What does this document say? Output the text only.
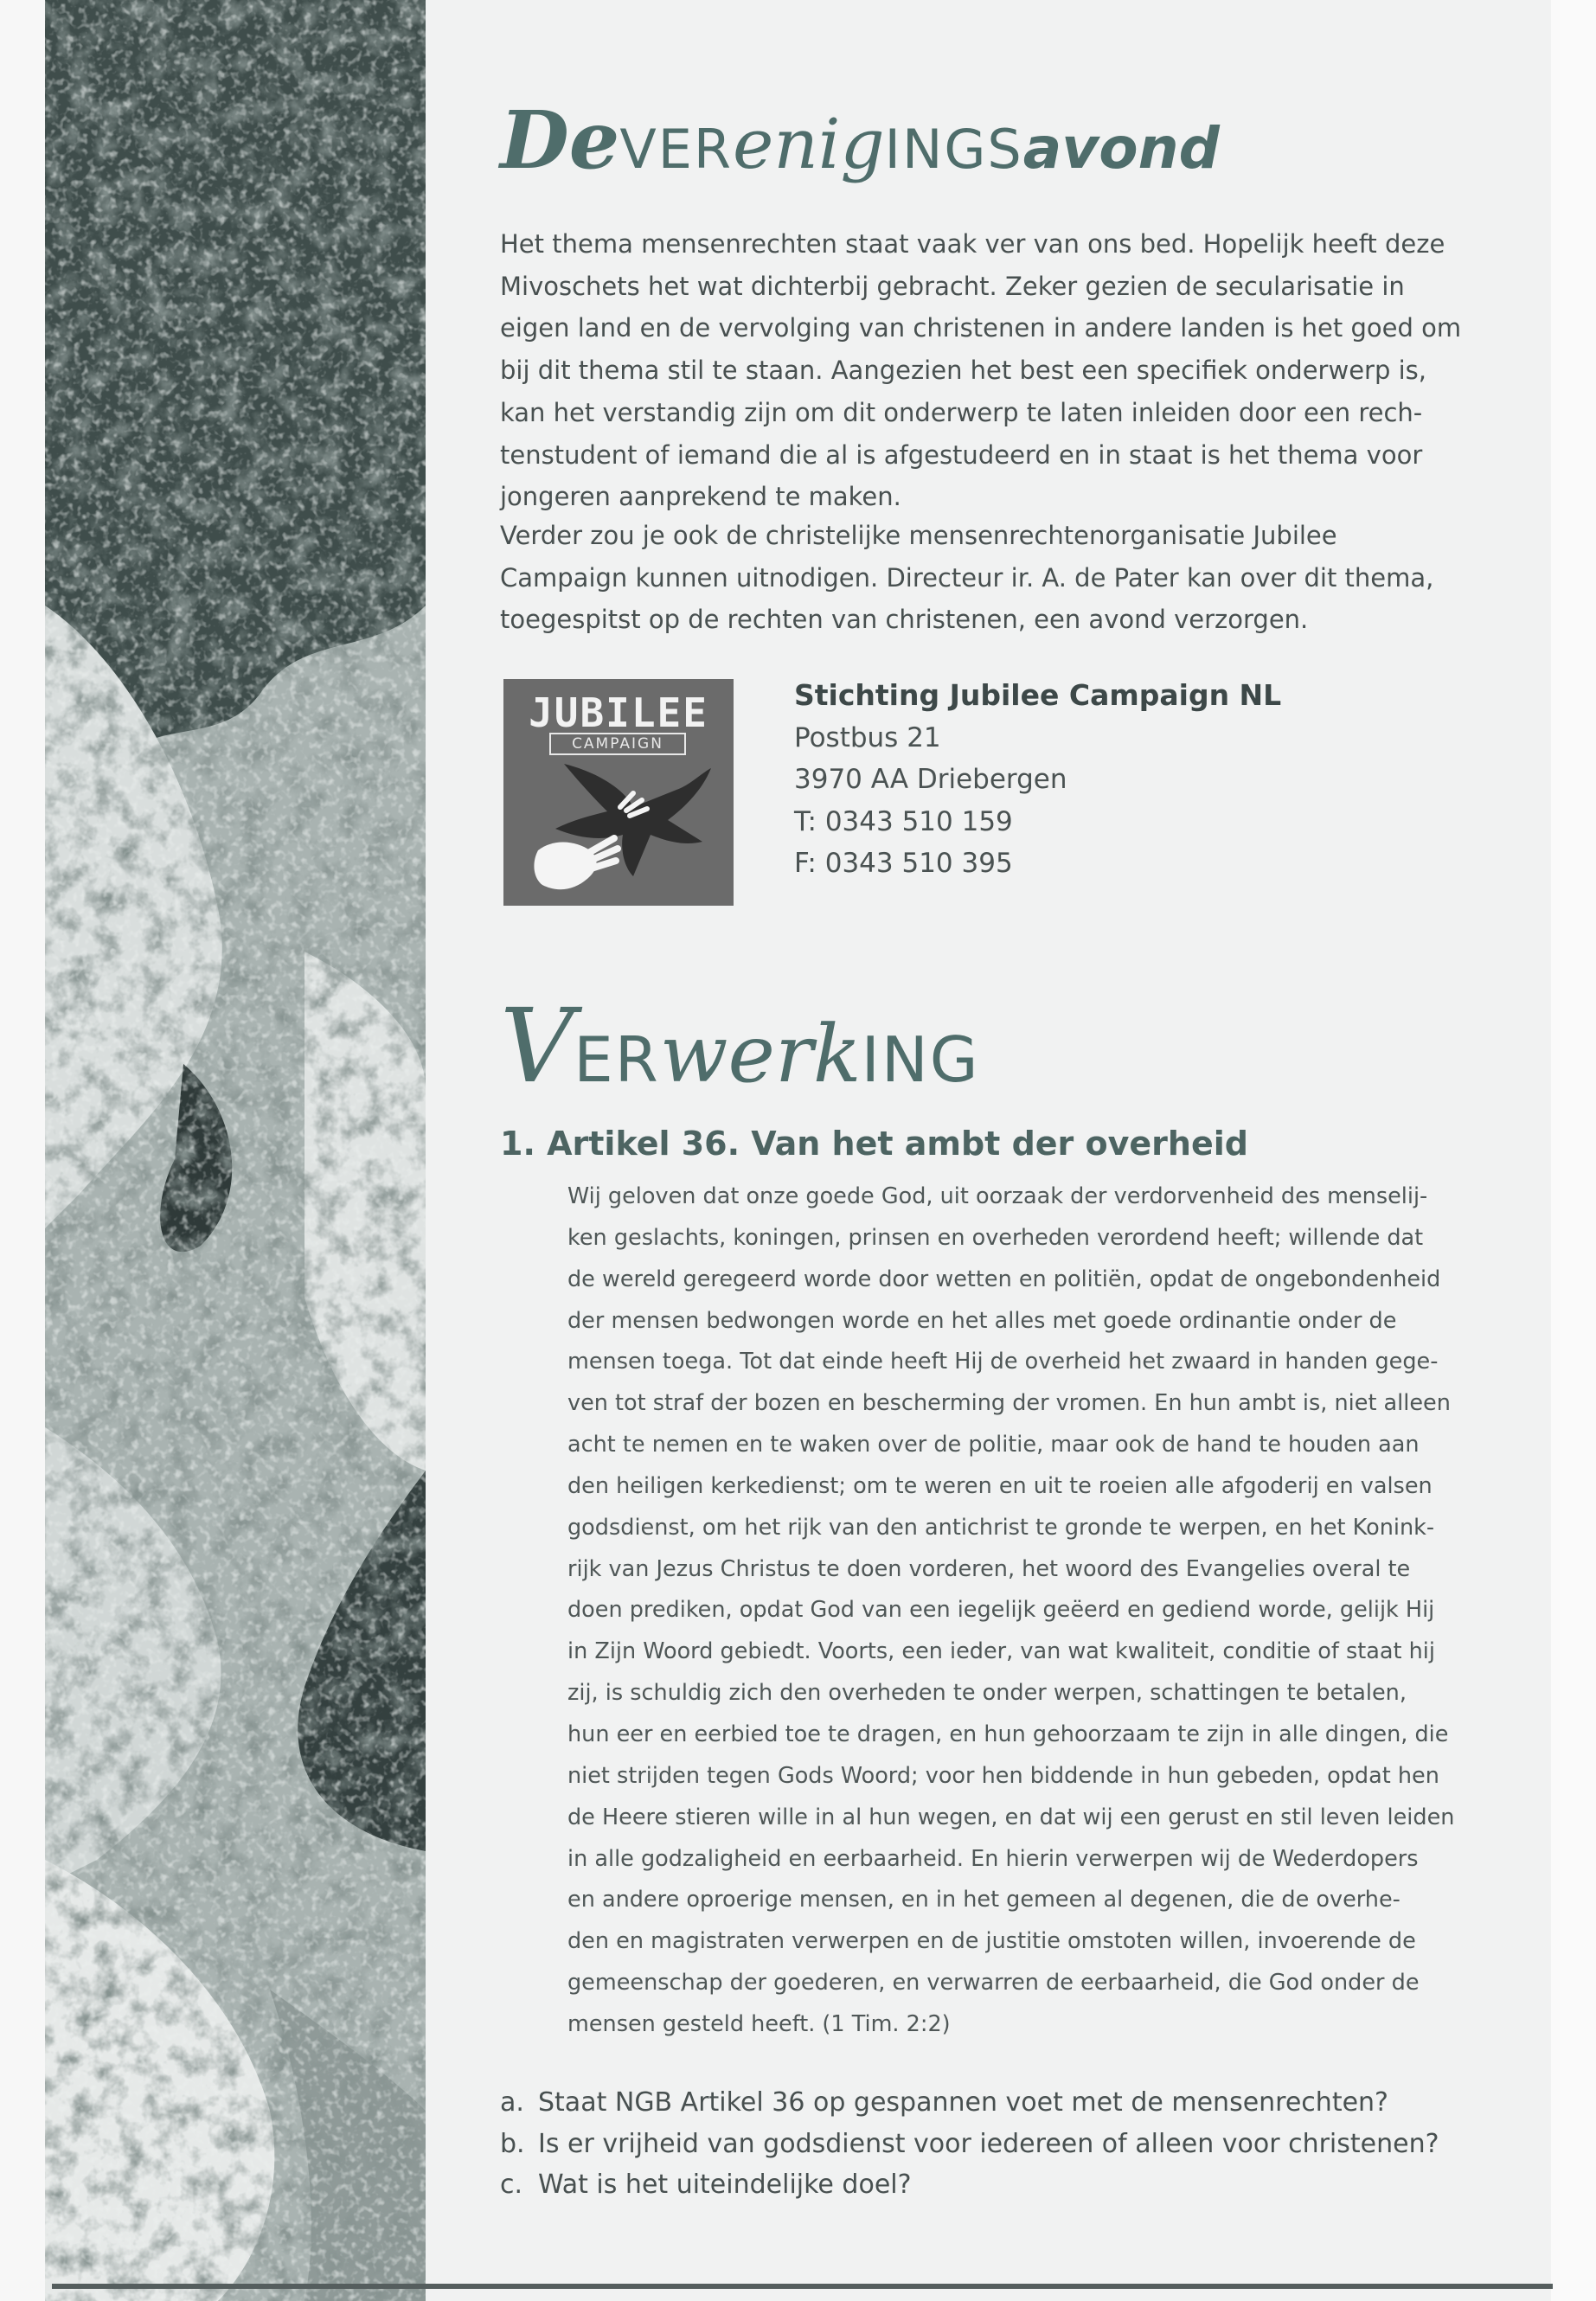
DeVERenigINGSavond
Het thema mensenrechten staat vaak ver van ons bed. Hopelijk heeft deze
Mivoschets het wat dichterbij gebracht. Zeker gezien de secularisatie in
eigen land en de vervolging van christenen in andere landen is het goed om
bij dit thema stil te staan. Aangezien het best een specifiek onderwerp is,
kan het verstandig zijn om dit onderwerp te laten inleiden door een rech-
tenstudent of iemand die al is afgestudeerd en in staat is het thema voor
jongeren aanprekend te maken.
Verder zou je ook de christelijke mensenrechtenorganisatie Jubilee
Campaign kunnen uitnodigen. Directeur ir. A. de Pater kan over dit thema,
toegespitst op de rechten van christenen, een avond verzorgen.
JUBILEE
CAMPAIGN
Stichting Jubilee Campaign NL
Postbus 21
3970 AA Driebergen
T: 0343 510 159
F: 0343 510 395
VERwerkING
1. Artikel 36. Van het ambt der overheid
Wij geloven dat onze goede God, uit oorzaak der verdorvenheid des menselij-
ken geslachts, koningen, prinsen en overheden verordend heeft; willende dat
de wereld geregeerd worde door wetten en politiën, opdat de ongebondenheid
der mensen bedwongen worde en het alles met goede ordinantie onder de
mensen toega. Tot dat einde heeft Hij de overheid het zwaard in handen gege-
ven tot straf der bozen en bescherming der vromen. En hun ambt is, niet alleen
acht te nemen en te waken over de politie, maar ook de hand te houden aan
den heiligen kerkedienst; om te weren en uit te roeien alle afgoderij en valsen
godsdienst, om het rijk van den antichrist te gronde te werpen, en het Konink-
rijk van Jezus Christus te doen vorderen, het woord des Evangelies overal te
doen prediken, opdat God van een iegelijk geëerd en gediend worde, gelijk Hij
in Zijn Woord gebiedt. Voorts, een ieder, van wat kwaliteit, conditie of staat hij
zij, is schuldig zich den overheden te onder werpen, schattingen te betalen,
hun eer en eerbied toe te dragen, en hun gehoorzaam te zijn in alle dingen, die
niet strijden tegen Gods Woord; voor hen biddende in hun gebeden, opdat hen
de Heere stieren wille in al hun wegen, en dat wij een gerust en stil leven leiden
in alle godzaligheid en eerbaarheid. En hierin verwerpen wij de Wederdopers
en andere oproerige mensen, en in het gemeen al degenen, die de overhe-
den en magistraten verwerpen en de justitie omstoten willen, invoerende de
gemeenschap der goederen, en verwarren de eerbaarheid, die God onder de
mensen gesteld heeft. (1 Tim. 2:2)
a. Staat NGB Artikel 36 op gespannen voet met de mensenrechten?
b. Is er vrijheid van godsdienst voor iedereen of alleen voor christenen?
c. Wat is het uiteindelijke doel?
